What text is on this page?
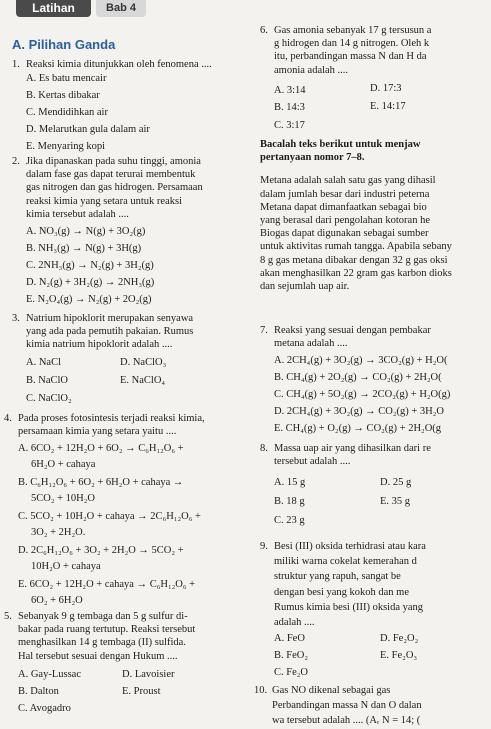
Latihan	Bab 4
A. Pilihan Ganda
1. Reaksi kimia ditunjukkan oleh fenomena ....
A. Es batu mencair
B. Kertas dibakar
C. Mendidihkan air
D. Melarutkan gula dalam air
E. Menyaring kopi
2. Jika dipanaskan pada suhu tinggi, amonia
dalam fase gas dapat terurai membentuk
gas nitrogen dan gas hidrogen. Persamaan
reaksi kimia yang setara untuk reaksi
kimia tersebut adalah ....
A. NO₃(g) → N(g) + 3O₂(g)
B. NH₃(g) → N(g) + 3H(g)
C. 2NH₃(g) → N₂(g) + 3H₂(g)
D. N₂(g) + 3H₂(g) → 2NH₃(g)
E. N₂O₄(g) → N₂(g) + 2O₂(g)
3. Natrium hipoklorit merupakan senyawa
yang ada pada pemutih pakaian. Rumus
kimia natrium hipoklorit adalah ....
A. NaCl	D. NaClO₃
B. NaClO	E. NaClO₄
C. NaClO₂
4. Pada proses fotosintesis terjadi reaksi kimia,
persamaan kimia yang setara yaitu ....
A. 6CO₂ + 12H₂O + 6O₂ → C₆H₁₂O₆ +
6H₂O + cahaya
B. C₆H₁₂O₆ + 6O₂ + 6H₂O + cahaya →
5CO₂ + 10H₂O
C. 5CO₂ + 10H₂O + cahaya → 2C₆H₁₂O₆ +
3O₂ + 2H₂O.
D. 2C₆H₁₂O₆ + 3O₂ + 2H₂O → 5CO₂ +
10H₂O + cahaya
E. 6CO₂ + 12H₂O + cahaya → C₆H₁₂O₆ +
6O₂ + 6H₂O
5. Sebanyak 9 g tembaga dan 5 g sulfur di-
bakar pada ruang tertutup. Reaksi tersebut
menghasilkan 14 g tembaga (II) sulfida.
Hal tersebut sesuai dengan Hukum ....
A. Gay-Lussac	D. Lavoisier
B. Dalton	E. Proust
C. Avogadro
6. Gas amonia sebanyak 17 g tersusun a
g hidrogen dan 14 g nitrogen. Oleh k
itu, perbandingan massa N dan H da
amonia adalah ....
A. 3:14	D. 17:3
B. 14:3	E. 14:17
C. 3:17
Bacalah teks berikut untuk menjaw
pertanyaan nomor 7–8.
Metana adalah salah satu gas yang dihasil
dalam jumlah besar dari industri peterna
Metana dapat dimanfaatkan sebagai bio
yang berasal dari pengolahan kotoran he
Biogas dapat digunakan sebagai sumber
untuk aktivitas rumah tangga. Apabila sebany
8 g gas metana dibakar dengan 32 g gas oksi
akan menghasilkan 22 gram gas karbon dioks
dan sejumlah uap air.
7. Reaksi yang sesuai dengan pembakar
metana adalah ....
A. 2CH₄(g) + 3O₂(g) → 3CO₂(g) + H₂O(
B. CH₄(g) + 2O₂(g) → CO₂(g) + 2H₂O(
C. CH₄(g) + 5O₂(g) → 2CO₂(g) + H₂O(g)
D. 2CH₄(g) + 3O₂(g) → CO₂(g) + 3H₂O
E. CH₄(g) + O₂(g) → CO₂(g) + 2H₂O(g
8. Massa uap air yang dihasilkan dari re
tersebut adalah ....
A. 15 g	D. 25 g
B. 18 g	E. 35 g
C. 23 g
9. Besi (III) oksida terhidrasi atau kara
miliki warna cokelat kemerahan d
struktur yang rapuh, sangat be
dengan besi yang kokoh dan me
Rumus kimia besi (III) oksida yang
adalah ....
A. FeO	D. Fe₂O₂
B. FeO₂	E. Fe₂O₃
C. Fe₂O
10. Gas NO dikenal sebagai gas
Perbandingan massa N dan O dalan
wa tersebut adalah .... (Aᵣ N = 14; (
